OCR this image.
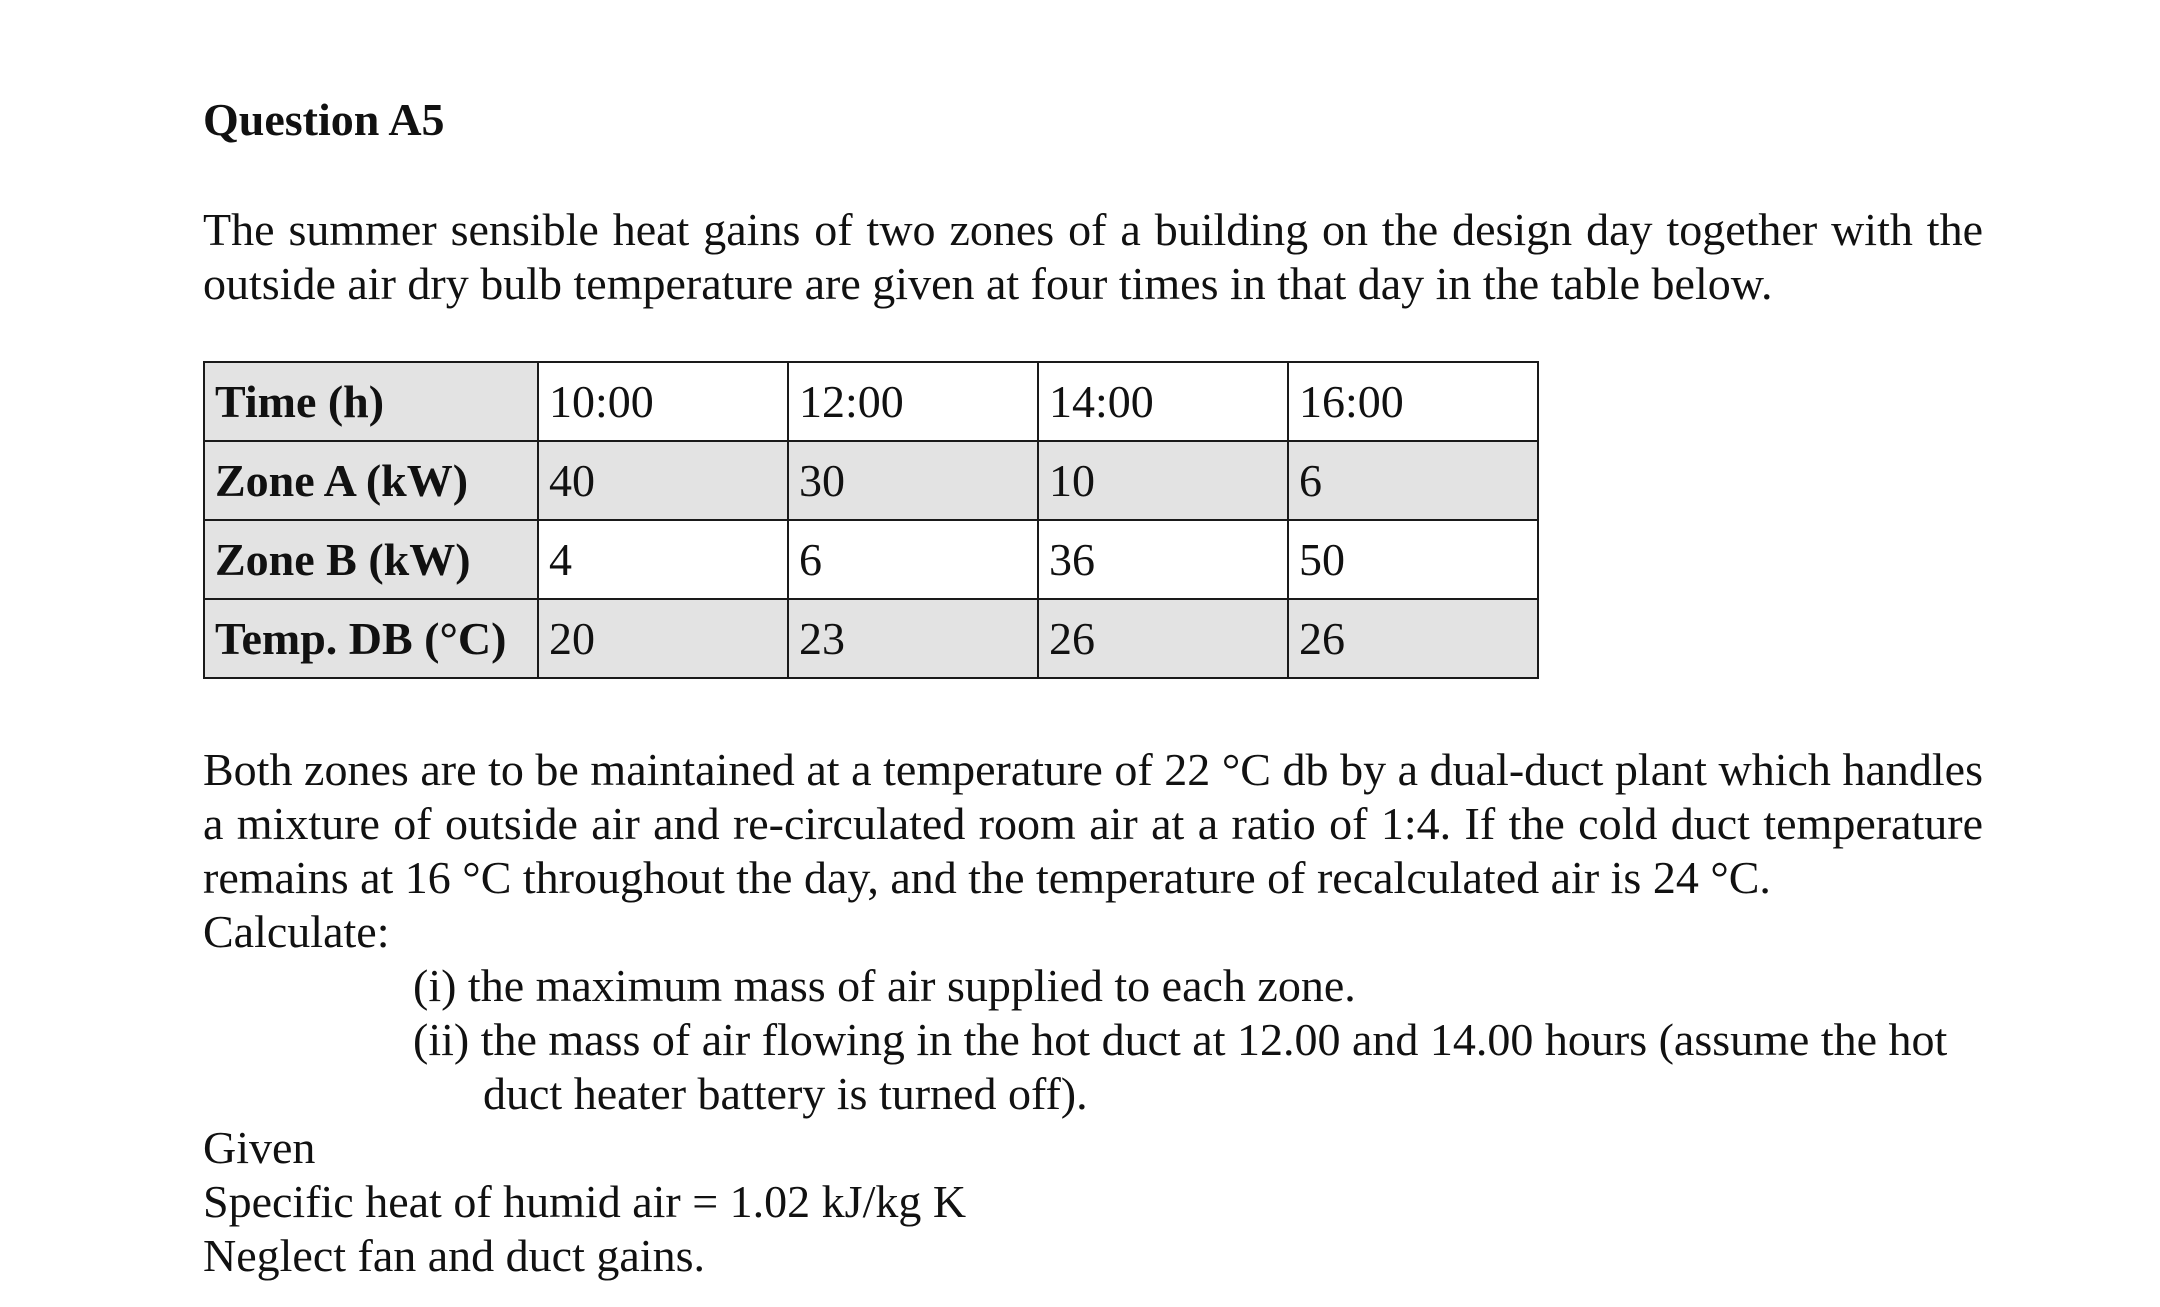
Question A5

The summer sensible heat gains of two zones of a building on the design day together with the outside air dry bulb temperature are given at four times in that day in the table below.

Time (h)	10:00	12:00	14:00	16:00
Zone A (kW)	40	30	10	6
Zone B (kW)	4	6	36	50
Temp. DB (°C)	20	23	26	26

Both zones are to be maintained at a temperature of 22 °C db by a dual-duct plant which handles a mixture of outside air and re-circulated room air at a ratio of 1:4. If the cold duct temperature remains at 16 °C throughout the day, and the temperature of recalculated air is 24 °C.
Calculate:

(i) the maximum mass of air supplied to each zone.

(ii) the mass of air flowing in the hot duct at 12.00 and 14.00 hours (assume the hot

duct heater battery is turned off).

Given

Specific heat of humid air = 1.02 kJ/kg K

Neglect fan and duct gains.
